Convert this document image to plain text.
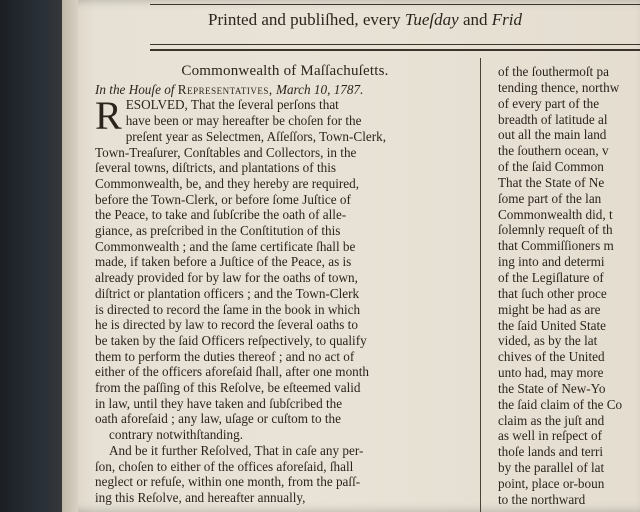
Printed and publiſhed, every Tueſday and Frid
Commonwealth of Maſſachuſetts.
In the Houſe of Representatives, March 10, 1787.
R ESOLVED, That the ſeveral perſons that
have been or may hereafter be choſen for the
preſent year as Selectmen, Aſſeſſors, Town-Clerk,
Town-Treaſurer, Conſtables and Collectors, in the
ſeveral towns, diſtricts, and plantations of this
Commonwealth, be, and they hereby are required,
before the Town-Clerk, or before ſome Juſtice of
the Peace, to take and ſubſcribe the oath of alle-
giance, as preſcribed in the Conſtitution of this
Commonwealth ; and the ſame certificate ſhall be
made, if taken before a Juſtice of the Peace, as is
already provided for by law for the oaths of town,
diſtrict or plantation officers ; and the Town-Clerk
is directed to record the ſame in the book in which
he is directed by law to record the ſeveral oaths to
be taken by the ſaid Officers reſpectively, to qualify
them to perform the duties thereof ; and no act of
either of the officers aforeſaid ſhall, after one month
from the paſſing of this Reſolve, be eſteemed valid
in law, until they have taken and ſubſcribed the
oath aforeſaid ; any law, uſage or cuſtom to the
contrary notwithſtanding.
And be it further Reſolved, That in caſe any per-
ſon, choſen to either of the offices aforeſaid, ſhall
neglect or refuſe, within one month, from the paſſ-
ing this Reſolve, and hereafter annually,
of the ſouthermoſt pa
tending thence, northw
of every part of the
breadth of latitude al
out all the main land
the ſouthern ocean, v
of the ſaid Common
That the State of Ne
ſome part of the lan
Commonwealth did, t
ſolemnly requeſt of th
that Commiſſioners m
ing into and determi
of the Legiſlature of
that ſuch other proce
might be had as are
the ſaid United State
vided, as by the lat
chives of the United
unto had, may more
the State of New-Yo
the ſaid claim of the Co
claim as the juſt and
as well in reſpect of
thoſe lands and terri
by the parallel of lat
point, place or-boun
to the northward
